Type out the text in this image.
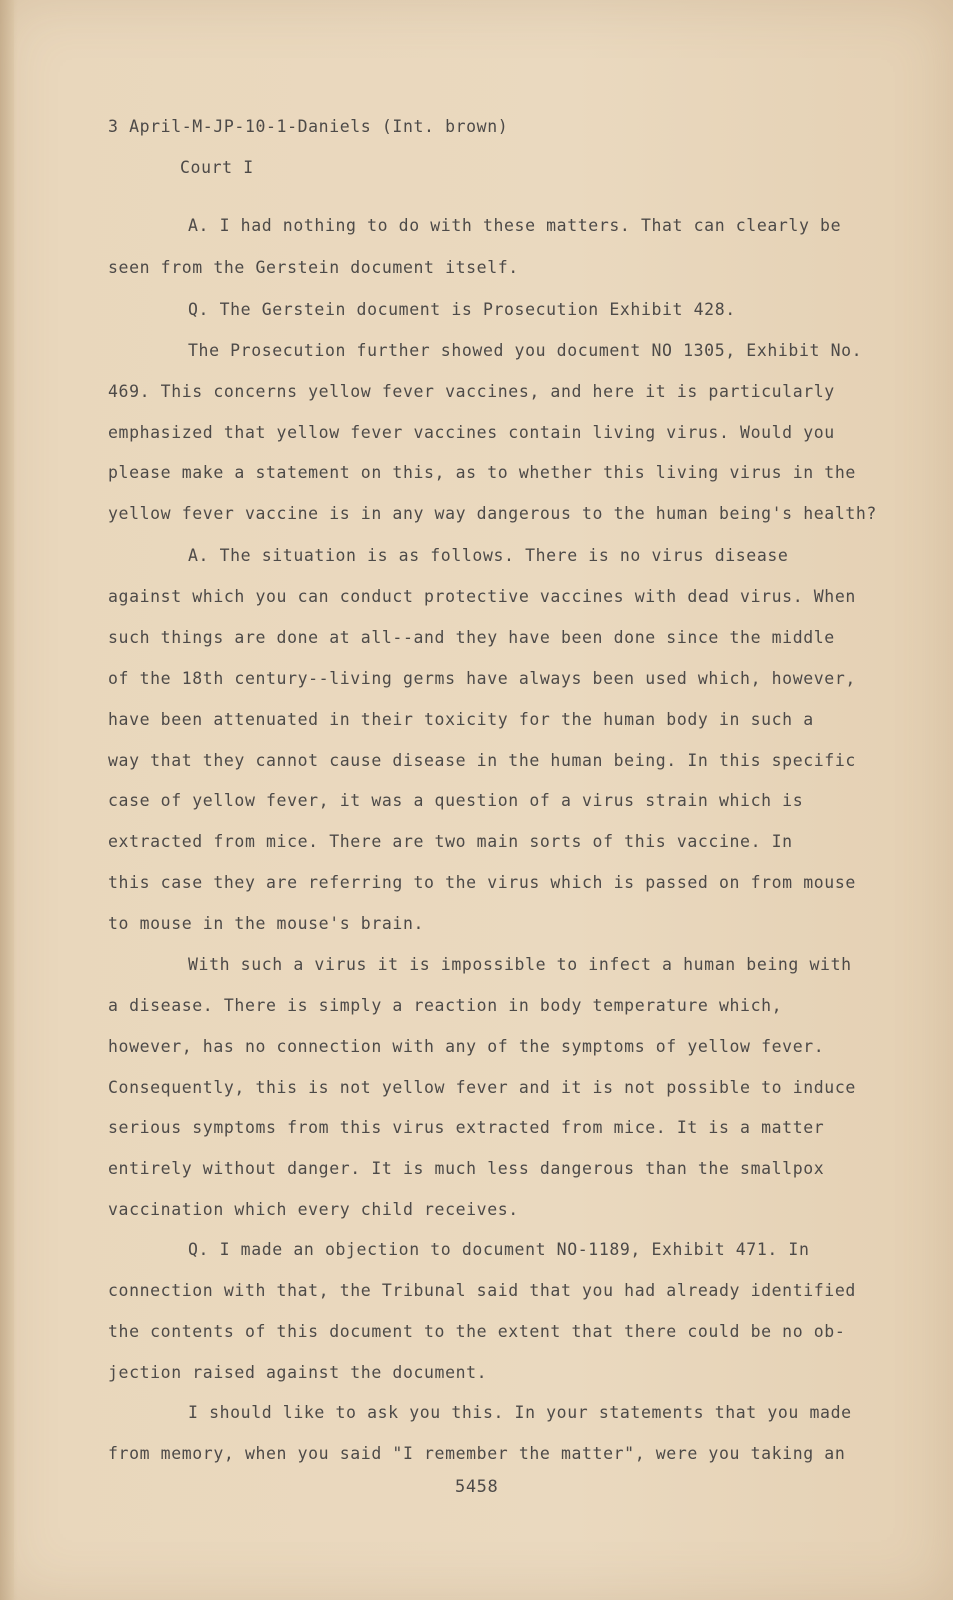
3 April-M-JP-10-1-Daniels (Int. brown)
Court I
A. I had nothing to do with these matters. That can clearly be
seen from the Gerstein document itself.
Q. The Gerstein document is Prosecution Exhibit 428.
The Prosecution further showed you document NO 1305, Exhibit No.
469. This concerns yellow fever vaccines, and here it is particularly
emphasized that yellow fever vaccines contain living virus. Would you
please make a statement on this, as to whether this living virus in the
yellow fever vaccine is in any way dangerous to the human being's health?
A. The situation is as follows. There is no virus disease
against which you can conduct protective vaccines with dead virus. When
such things are done at all--and they have been done since the middle
of the 18th century--living germs have always been used which, however,
have been attenuated in their toxicity for the human body in such a
way that they cannot cause disease in the human being. In this specific
case of yellow fever, it was a question of a virus strain which is
extracted from mice. There are two main sorts of this vaccine. In
this case they are referring to the virus which is passed on from mouse
to mouse in the mouse's brain.
With such a virus it is impossible to infect a human being with
a disease. There is simply a reaction in body temperature which,
however, has no connection with any of the symptoms of yellow fever.
Consequently, this is not yellow fever and it is not possible to induce
serious symptoms from this virus extracted from mice. It is a matter
entirely without danger. It is much less dangerous than the smallpox
vaccination which every child receives.
Q. I made an objection to document NO-1189, Exhibit 471. In
connection with that, the Tribunal said that you had already identified
the contents of this document to the extent that there could be no ob-
jection raised against the document.
I should like to ask you this. In your statements that you made
from memory, when you said "I remember the matter", were you taking an
5458
